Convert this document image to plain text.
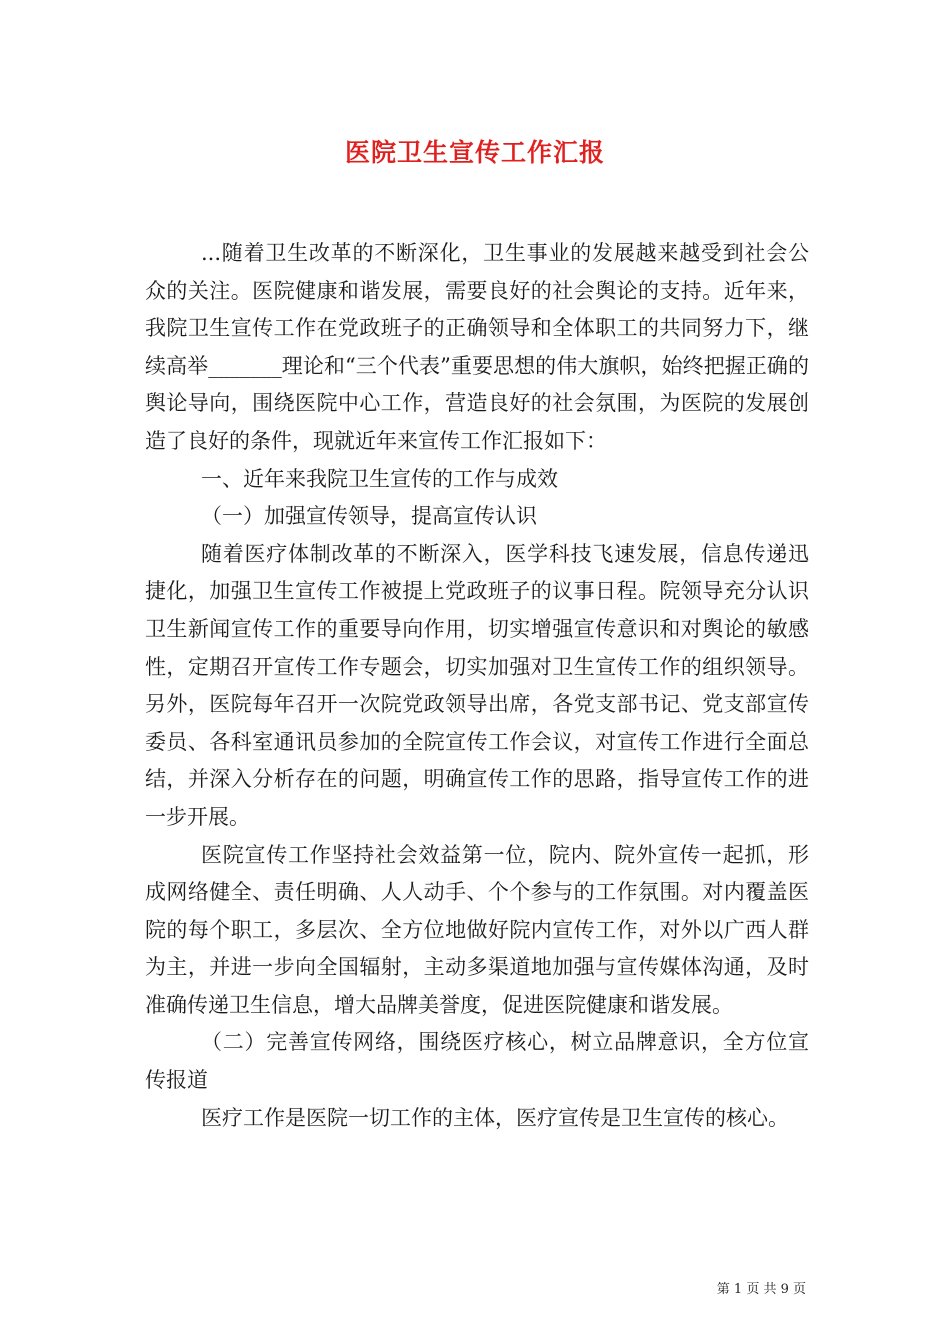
医院卫生宣传工作汇报

...随着卫生改革的不断深化，卫生事业的发展越来越受到社会公众的关注。医院健康和谐发展，需要良好的社会舆论的支持。近年来，我院卫生宣传工作在党政班子的正确领导和全体职工的共同努力下，继续高举_______理论和“三个代表”重要思想的伟大旗帜，始终把握正确的舆论导向，围绕医院中心工作，营造良好的社会氛围，为医院的发展创造了良好的条件，现就近年来宣传工作汇报如下：

一、近年来我院卫生宣传的工作与成效

（一）加强宣传领导，提高宣传认识

随着医疗体制改革的不断深入，医学科技飞速发展，信息传递迅捷化，加强卫生宣传工作被提上党政班子的议事日程。院领导充分认识卫生新闻宣传工作的重要导向作用，切实增强宣传意识和对舆论的敏感性，定期召开宣传工作专题会，切实加强对卫生宣传工作的组织领导。另外，医院每年召开一次院党政领导出席，各党支部书记、党支部宣传委员、各科室通讯员参加的全院宣传工作会议，对宣传工作进行全面总结，并深入分析存在的问题，明确宣传工作的思路，指导宣传工作的进一步开展。

医院宣传工作坚持社会效益第一位，院内、院外宣传一起抓，形成网络健全、责任明确、人人动手、个个参与的工作氛围。对内覆盖医院的每个职工，多层次、全方位地做好院内宣传工作，对外以广西人群为主，并进一步向全国辐射，主动多渠道地加强与宣传媒体沟通，及时准确传递卫生信息，增大品牌美誉度，促进医院健康和谐发展。

（二）完善宣传网络，围绕医疗核心，树立品牌意识，全方位宣传报道

医疗工作是医院一切工作的主体，医疗宣传是卫生宣传的核心。

第 1 页 共 9 页
